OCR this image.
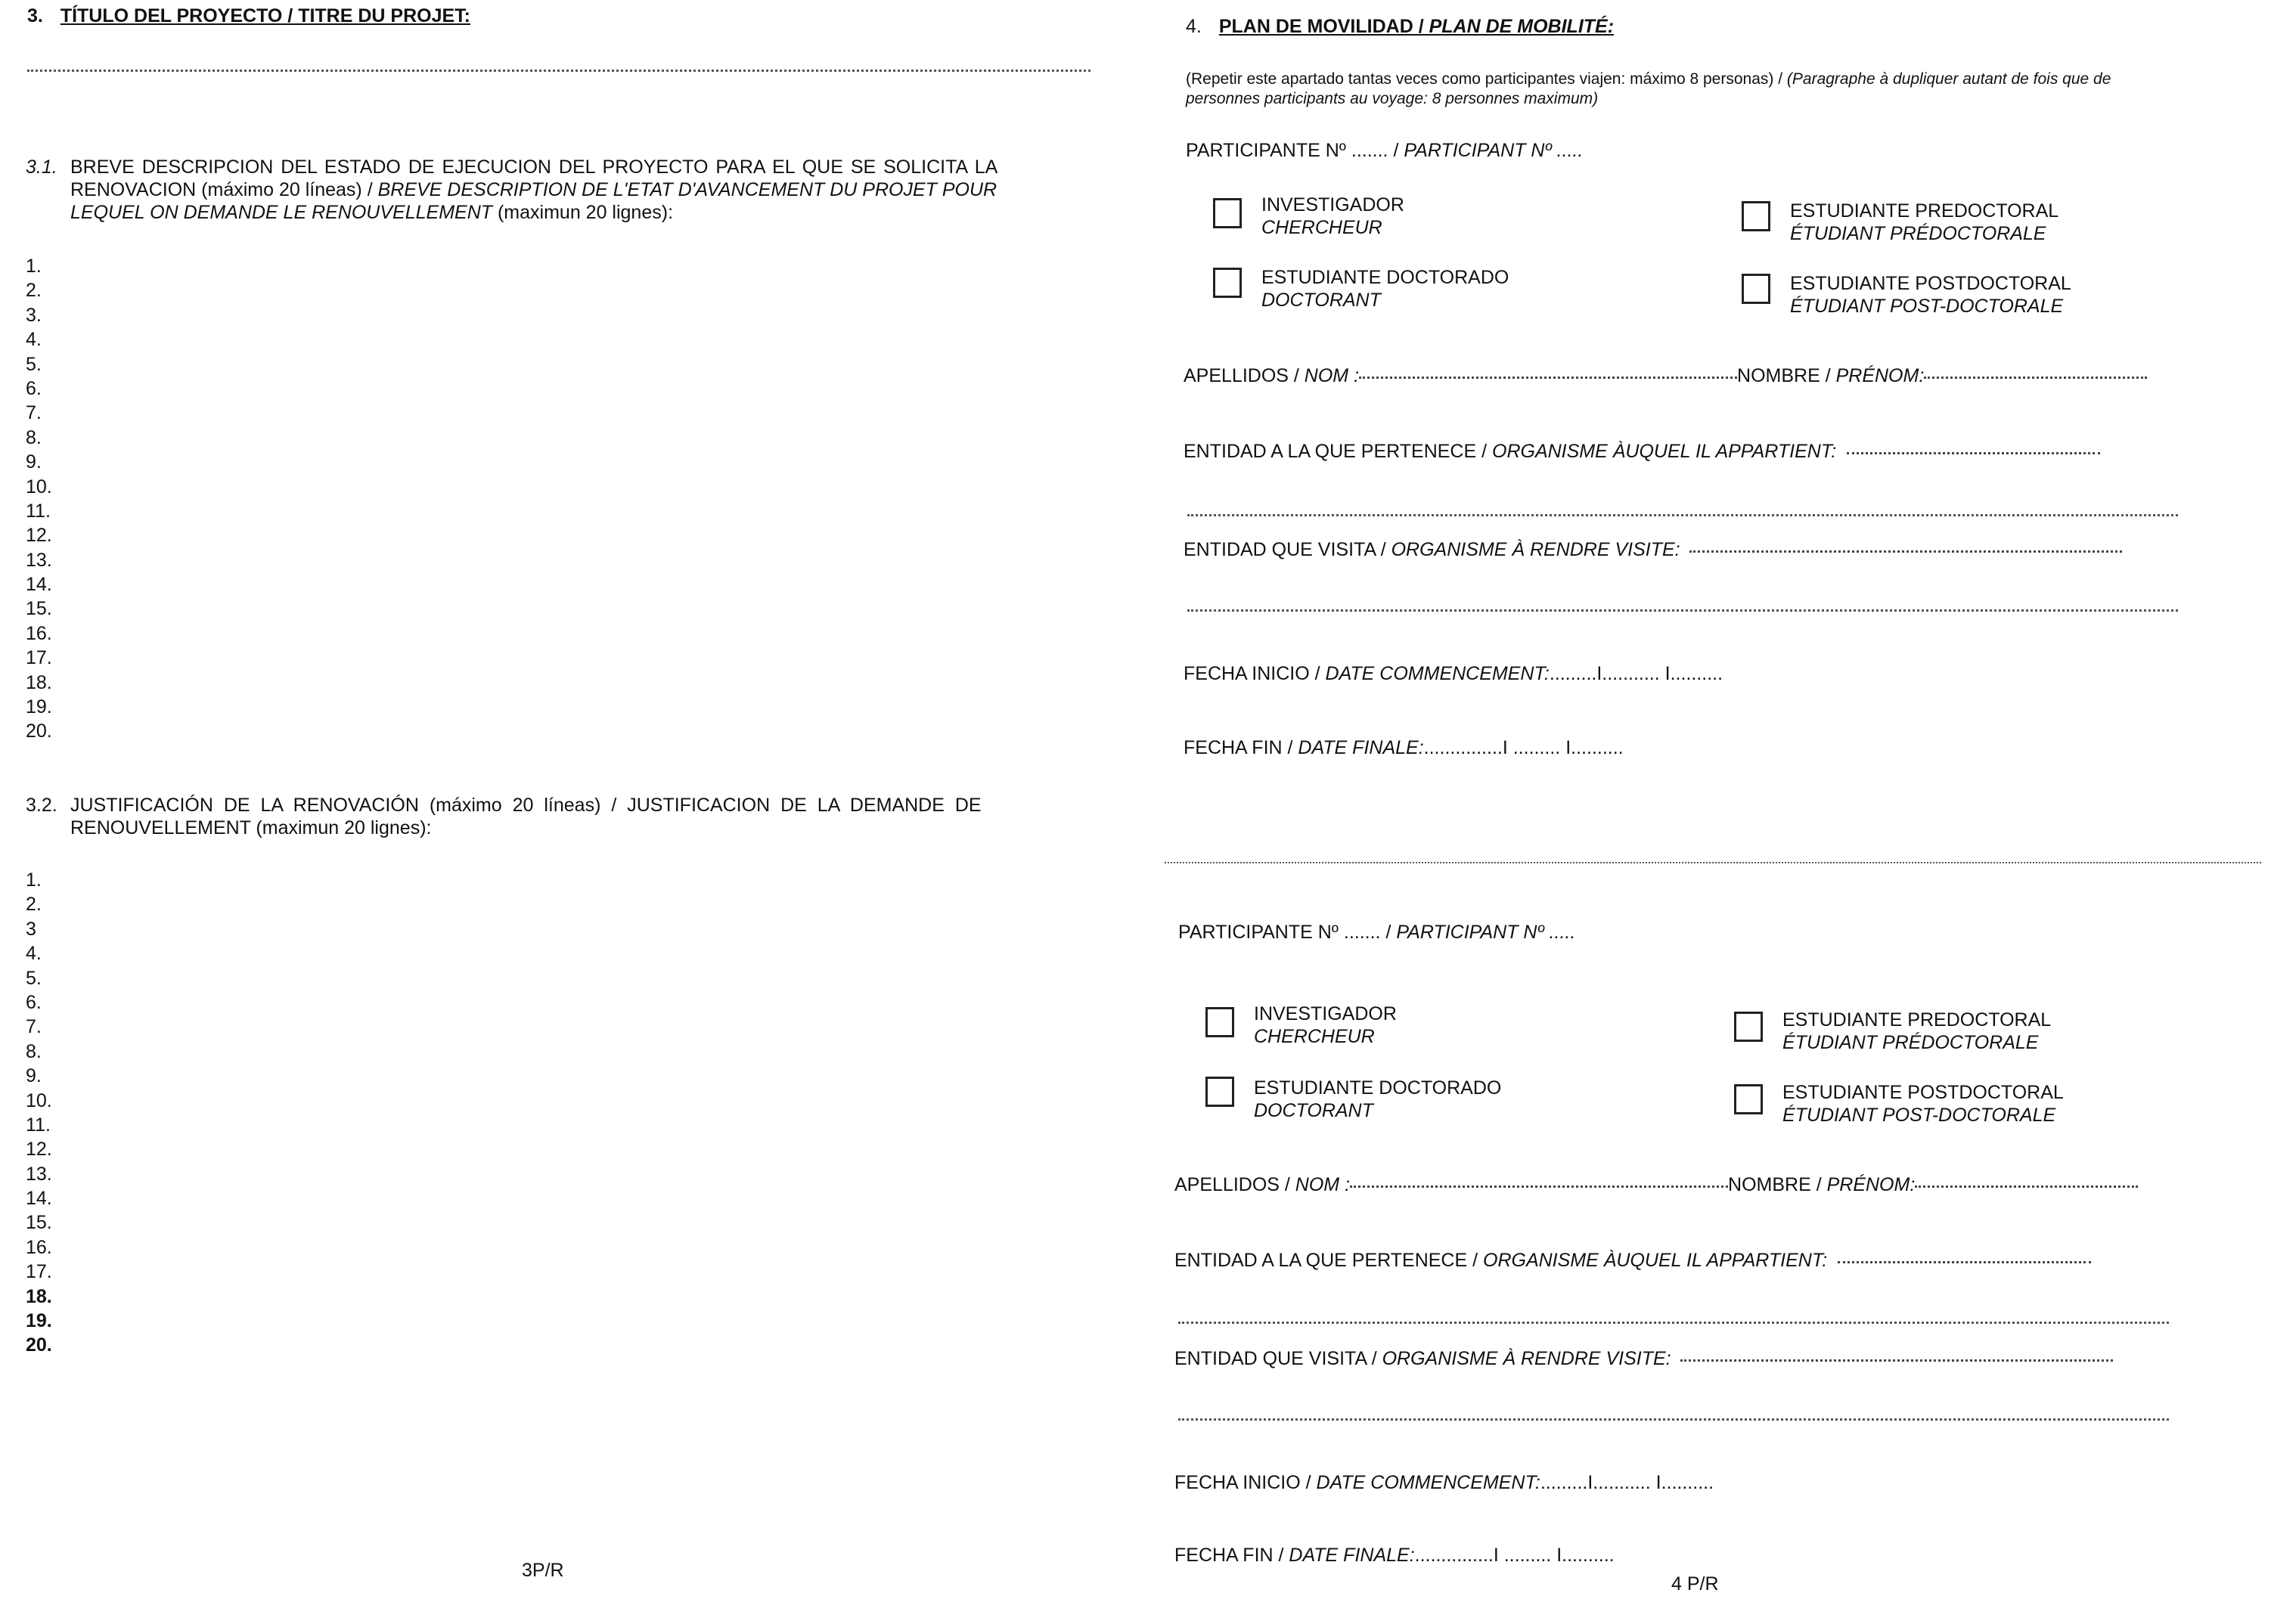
3. TÍTULO DEL PROYECTO / TITRE DU PROJET:
3.1. BREVE DESCRIPCION DEL ESTADO DE EJECUCION DEL PROYECTO PARA EL QUE SE SOLICITA LA
RENOVACION (máximo 20 líneas) / BREVE DESCRIPTION DE L'ETAT D'AVANCEMENT DU PROJET POUR
LEQUEL ON DEMANDE LE RENOUVELLEMENT (maximun 20 lignes):
1.
2.
3.
4.
5.
6.
7.
8.
9.
10.
11.
12.
13.
14.
15.
16.
17.
18.
19.
20.
3.2. JUSTIFICACIÓN DE LA RENOVACIÓN (máximo 20 líneas) / JUSTIFICACION DE LA DEMANDE DE
RENOUVELLEMENT (maximun 20 lignes):
1.
2.
3
4.
5.
6.
7.
8.
9.
10.
11.
12.
13.
14.
15.
16.
17.
18.
19.
20.
3P/R
4. PLAN DE MOVILIDAD / PLAN DE MOBILITÉ:
(Repetir este apartado tantas veces como participantes viajen: máximo 8 personas) / (Paragraphe à dupliquer autant de fois que de
personnes participants au voyage: 8 personnes maximum)
PARTICIPANTE Nº ....... / PARTICIPANT Nº .....
INVESTIGADOR
CHERCHEUR
ESTUDIANTE PREDOCTORAL
ÉTUDIANT PRÉDOCTORALE
ESTUDIANTE DOCTORADO
DOCTORANT
ESTUDIANTE POSTDOCTORAL
ÉTUDIANT POST-DOCTORALE
APELLIDOS / NOM :	NOMBRE / PRÉNOM:
ENTIDAD A LA QUE PERTENECE / ORGANISME ÀUQUEL IL APPARTIENT:
ENTIDAD QUE VISITA / ORGANISME À RENDRE VISITE:
FECHA INICIO / DATE COMMENCEMENT:.........I........... I..........
FECHA FIN / DATE FINALE:...............I ......... I..........
PARTICIPANTE Nº ....... / PARTICIPANT Nº .....
INVESTIGADOR
CHERCHEUR
ESTUDIANTE PREDOCTORAL
ÉTUDIANT PRÉDOCTORALE
ESTUDIANTE DOCTORADO
DOCTORANT
ESTUDIANTE POSTDOCTORAL
ÉTUDIANT POST-DOCTORALE
APELLIDOS / NOM :	NOMBRE / PRÉNOM:
ENTIDAD A LA QUE PERTENECE / ORGANISME ÀUQUEL IL APPARTIENT:
ENTIDAD QUE VISITA / ORGANISME À RENDRE VISITE:
FECHA INICIO / DATE COMMENCEMENT:.........I........... I..........
FECHA FIN / DATE FINALE:...............I ......... I..........
4 P/R
